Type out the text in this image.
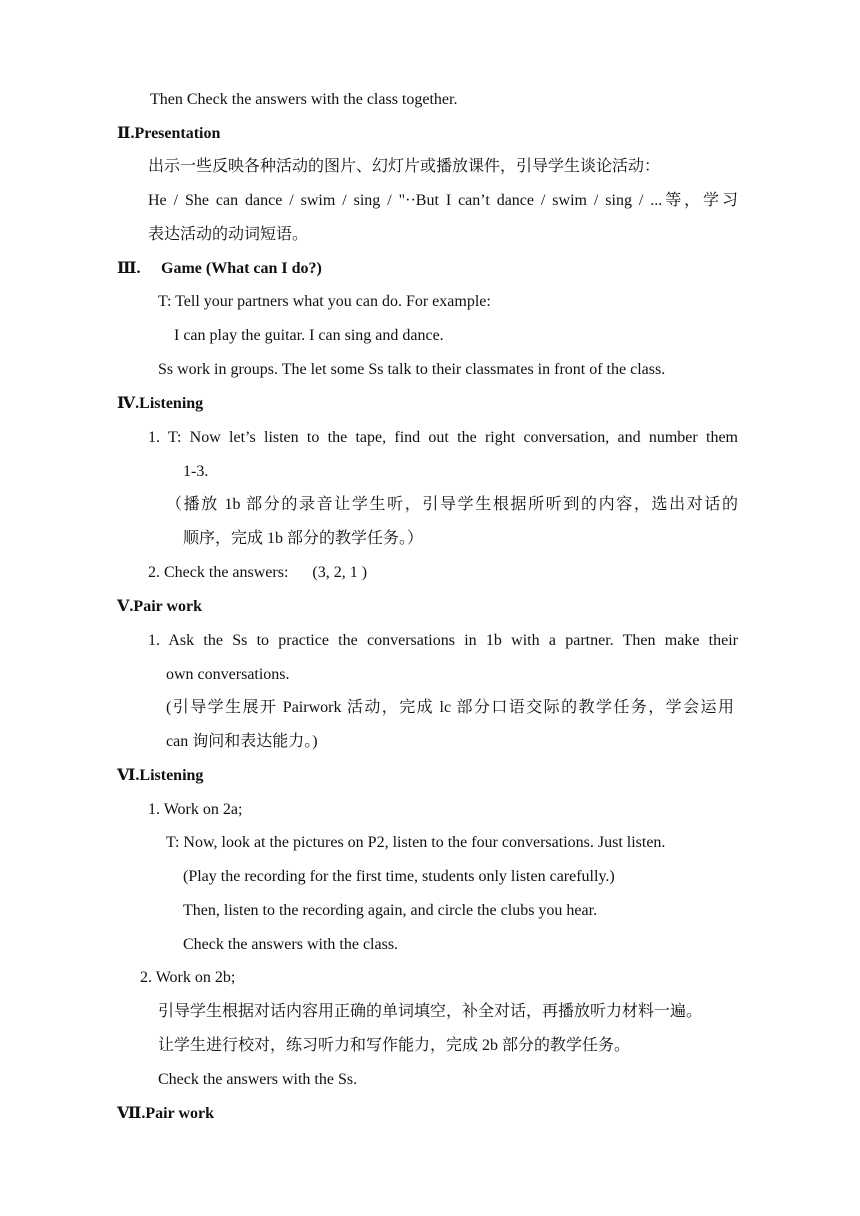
Then Check the answers with the class together.
Ⅱ.Presentation
出示一些反映各种活动的图片、幻灯片或播放课件，引导学生谈论活动：
He / She can dance / swim / sing / "··But I can’t dance / swim / sing / ...等，学习
表达活动的动词短语。
Ⅲ. Game (What can I do?)
T: Tell your partners what you can do. For example:
I can play the guitar. I can sing and dance.
Ss work in groups. The let some Ss talk to their classmates in front of the class.
Ⅳ.Listening
1. T: Now let’s listen to the tape, find out the right conversation, and number them
1-3.
（播放 1b 部分的录音让学生听，引导学生根据所听到的内容，选出对话的
顺序，完成 1b 部分的教学任务。）
2. Check the answers:      (3, 2, 1 )
Ⅴ.Pair work
1. Ask the Ss to practice the conversations in 1b with a partner. Then make their
own conversations.
(引导学生展开 Pairwork 活动，完成 lc 部分口语交际的教学任务，学会运用
can 询问和表达能力。)
Ⅵ.Listening
1. Work on 2a;
T: Now, look at the pictures on P2, listen to the four conversations. Just listen.
(Play the recording for the first time, students only listen carefully.)
Then, listen to the recording again, and circle the clubs you hear.
Check the answers with the class.
2. Work on 2b;
引导学生根据对话内容用正确的单词填空，补全对话，再播放听力材料一遍。
让学生进行校对，练习听力和写作能力，完成 2b 部分的教学任务。
Check the answers with the Ss.
Ⅶ.Pair work
